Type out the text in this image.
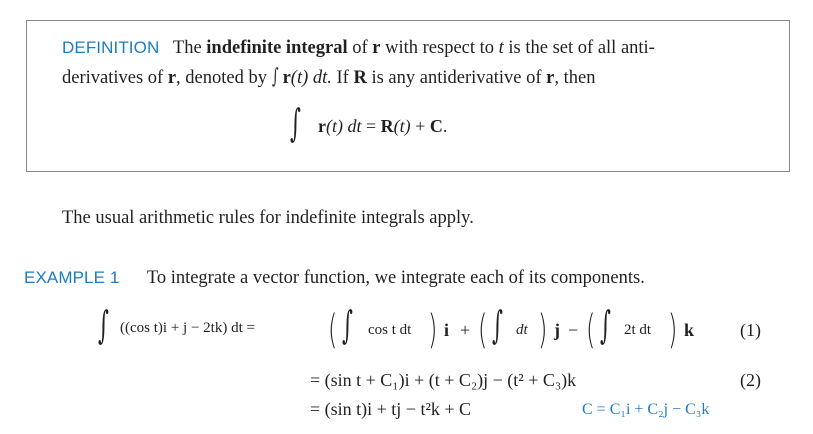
DEFINITION The indefinite integral of r with respect to t is the set of all anti-
derivatives of r, denoted by ∫ r(t) dt. If R is any antiderivative of r, then
∫ r(t) dt = R(t) + C.
The usual arithmetic rules for indefinite integrals apply.
EXAMPLE 1 To integrate a vector function, we integrate each of its components.
∫ ((cos t)i + j − 2tk) dt = ( ∫ cos t dt ) i + ( ∫ dt ) j − ( ∫ 2t dt ) k	(1)
= (sin t + C₁)i + (t + C₂)j − (t² + C₃)k	(2)
= (sin t)i + tj − t²k + C	C = C₁i + C₂j − C₃k
